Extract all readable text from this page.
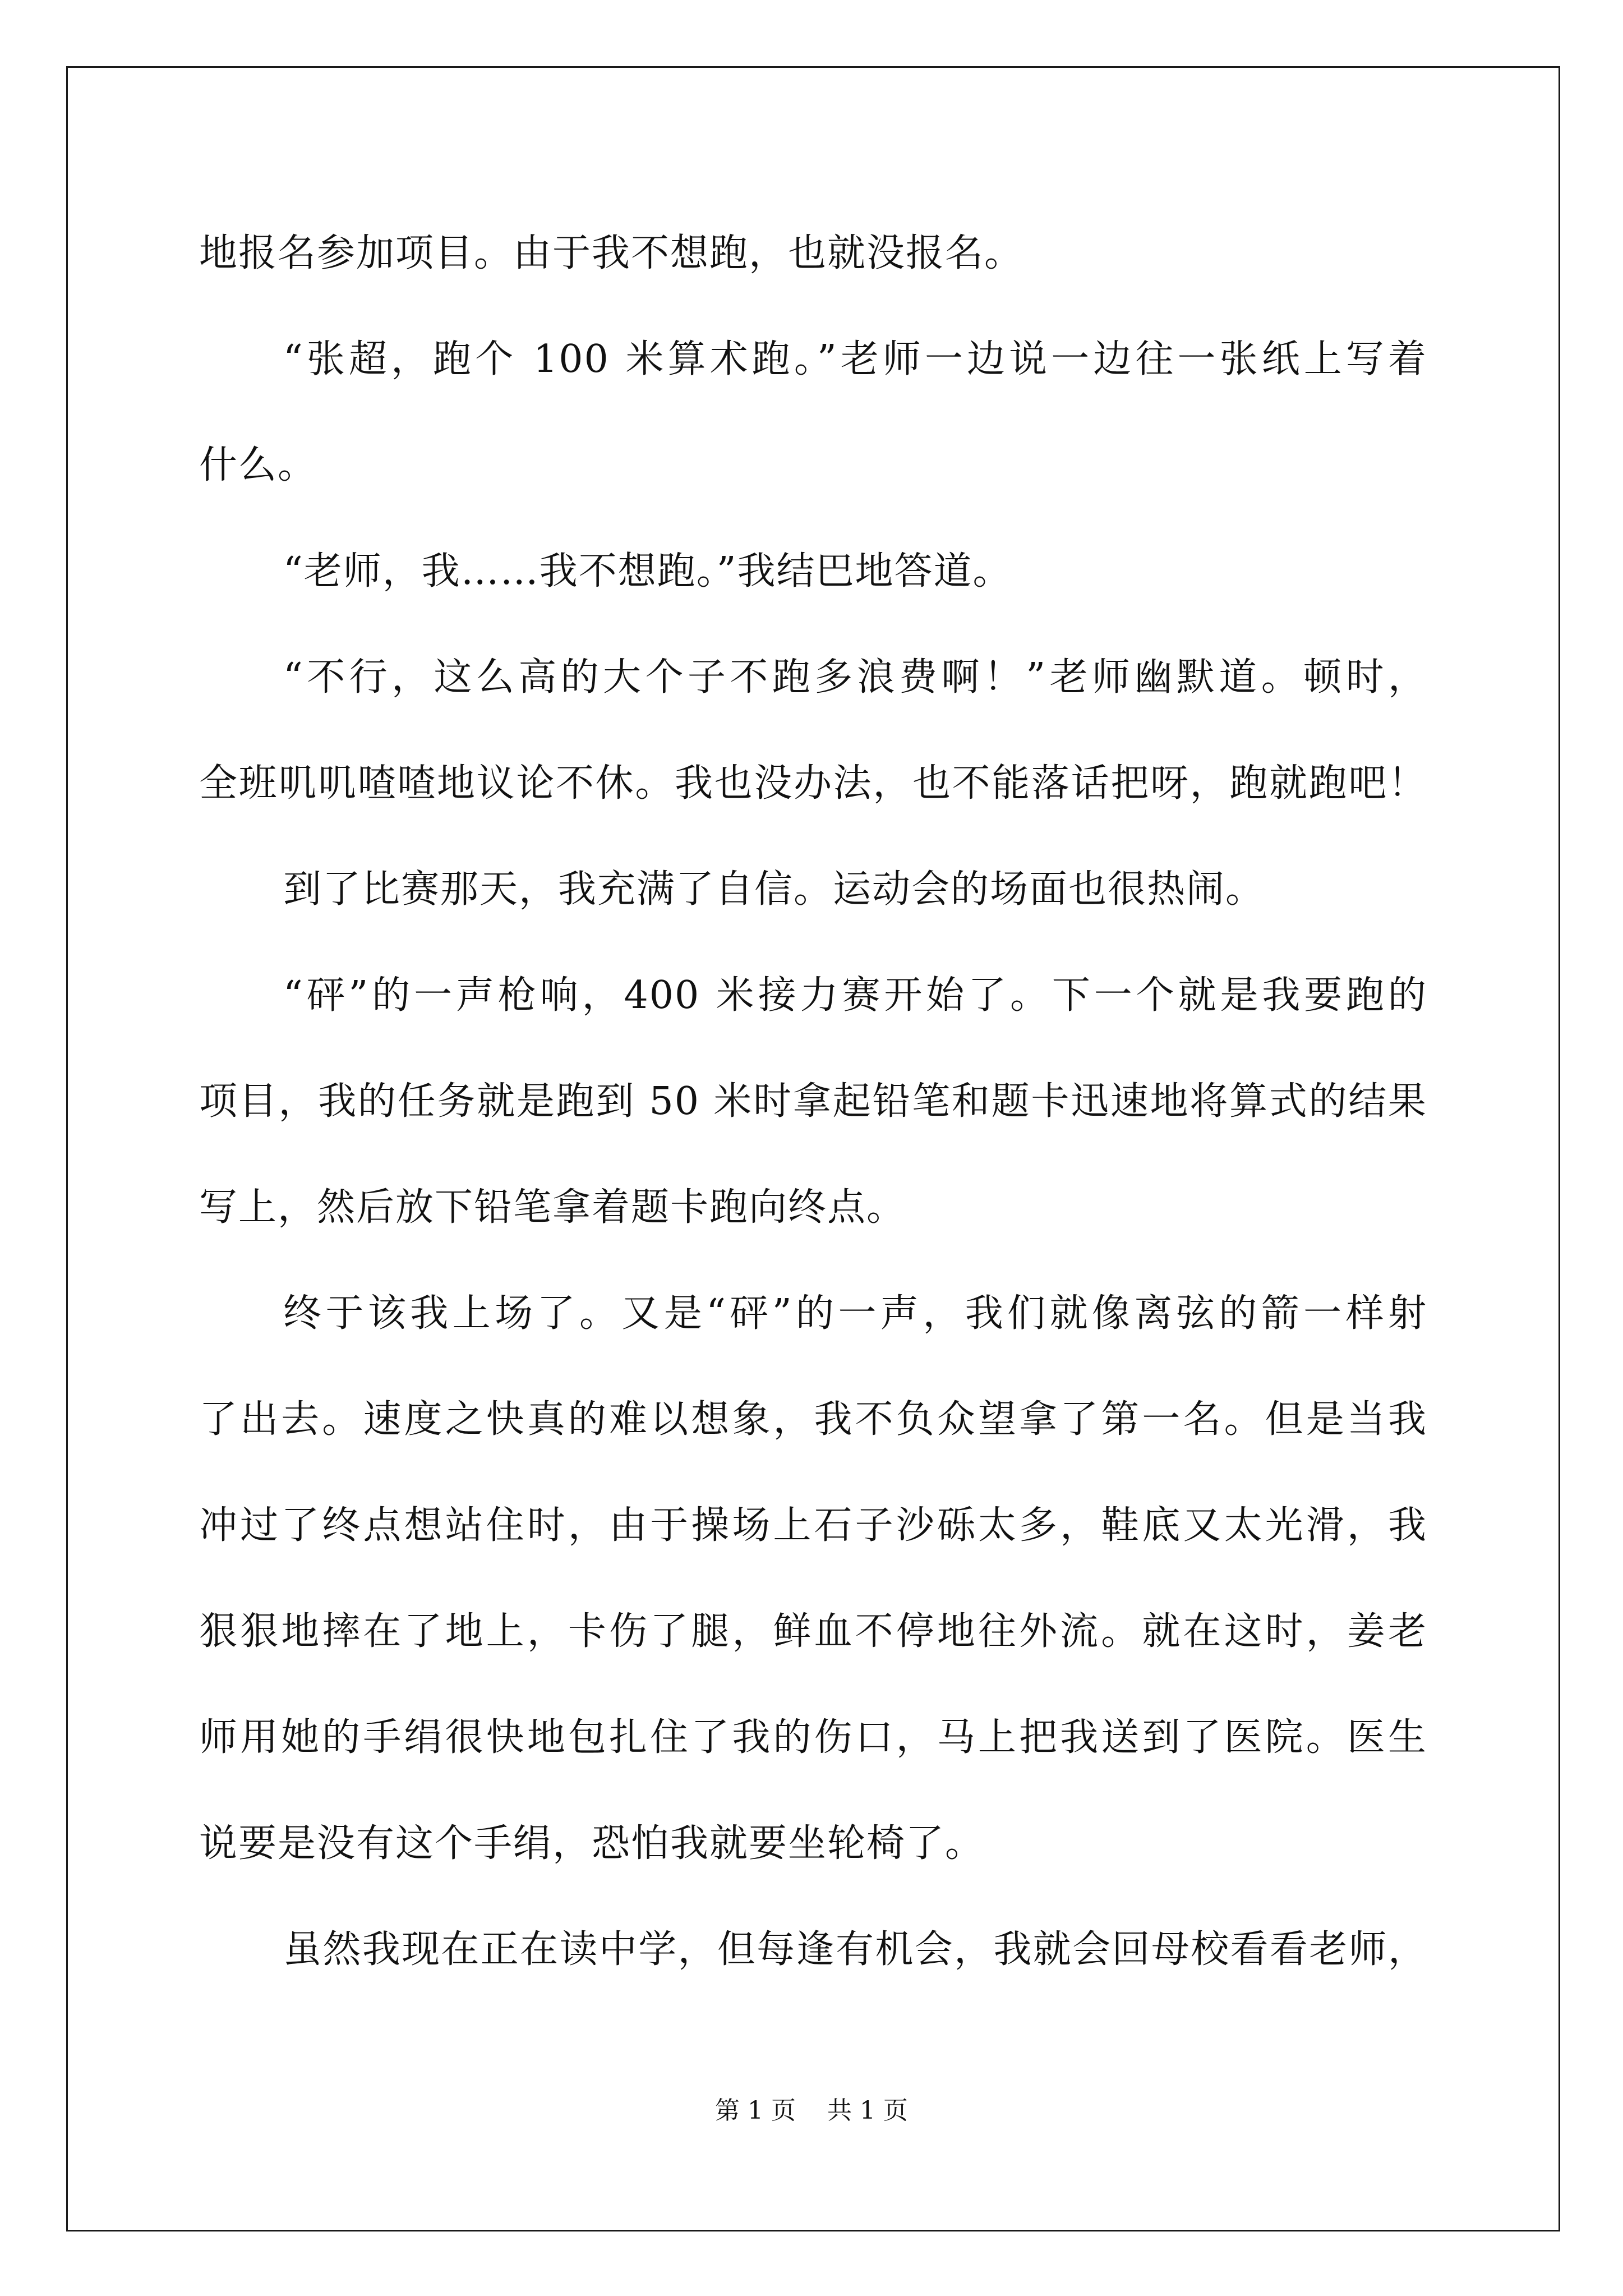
地报名参加项目。由于我不想跑，也就没报名。
“张超，跑个 100 米算术跑。”老师一边说一边往一张纸上写着
什么。
“老师，我……我不想跑。”我结巴地答道。
“不行，这么高的大个子不跑多浪费啊！”老师幽默道。顿时，
全班叽叽喳喳地议论不休。我也没办法，也不能落话把呀，跑就跑吧！
到了比赛那天，我充满了自信。运动会的场面也很热闹。
“砰”的一声枪响，400 米接力赛开始了。下一个就是我要跑的
项目，我的任务就是跑到 50 米时拿起铅笔和题卡迅速地将算式的结果
写上，然后放下铅笔拿着题卡跑向终点。
终于该我上场了。又是“砰”的一声，我们就像离弦的箭一样射
了出去。速度之快真的难以想象，我不负众望拿了第一名。但是当我
冲过了终点想站住时，由于操场上石子沙砾太多，鞋底又太光滑，我
狠狠地摔在了地上，卡伤了腿，鲜血不停地往外流。就在这时，姜老
师用她的手绢很快地包扎住了我的伤口，马上把我送到了医院。医生
说要是没有这个手绢，恐怕我就要坐轮椅了。
虽然我现在正在读中学，但每逢有机会，我就会回母校看看老师，
第 1 页    共 1 页
